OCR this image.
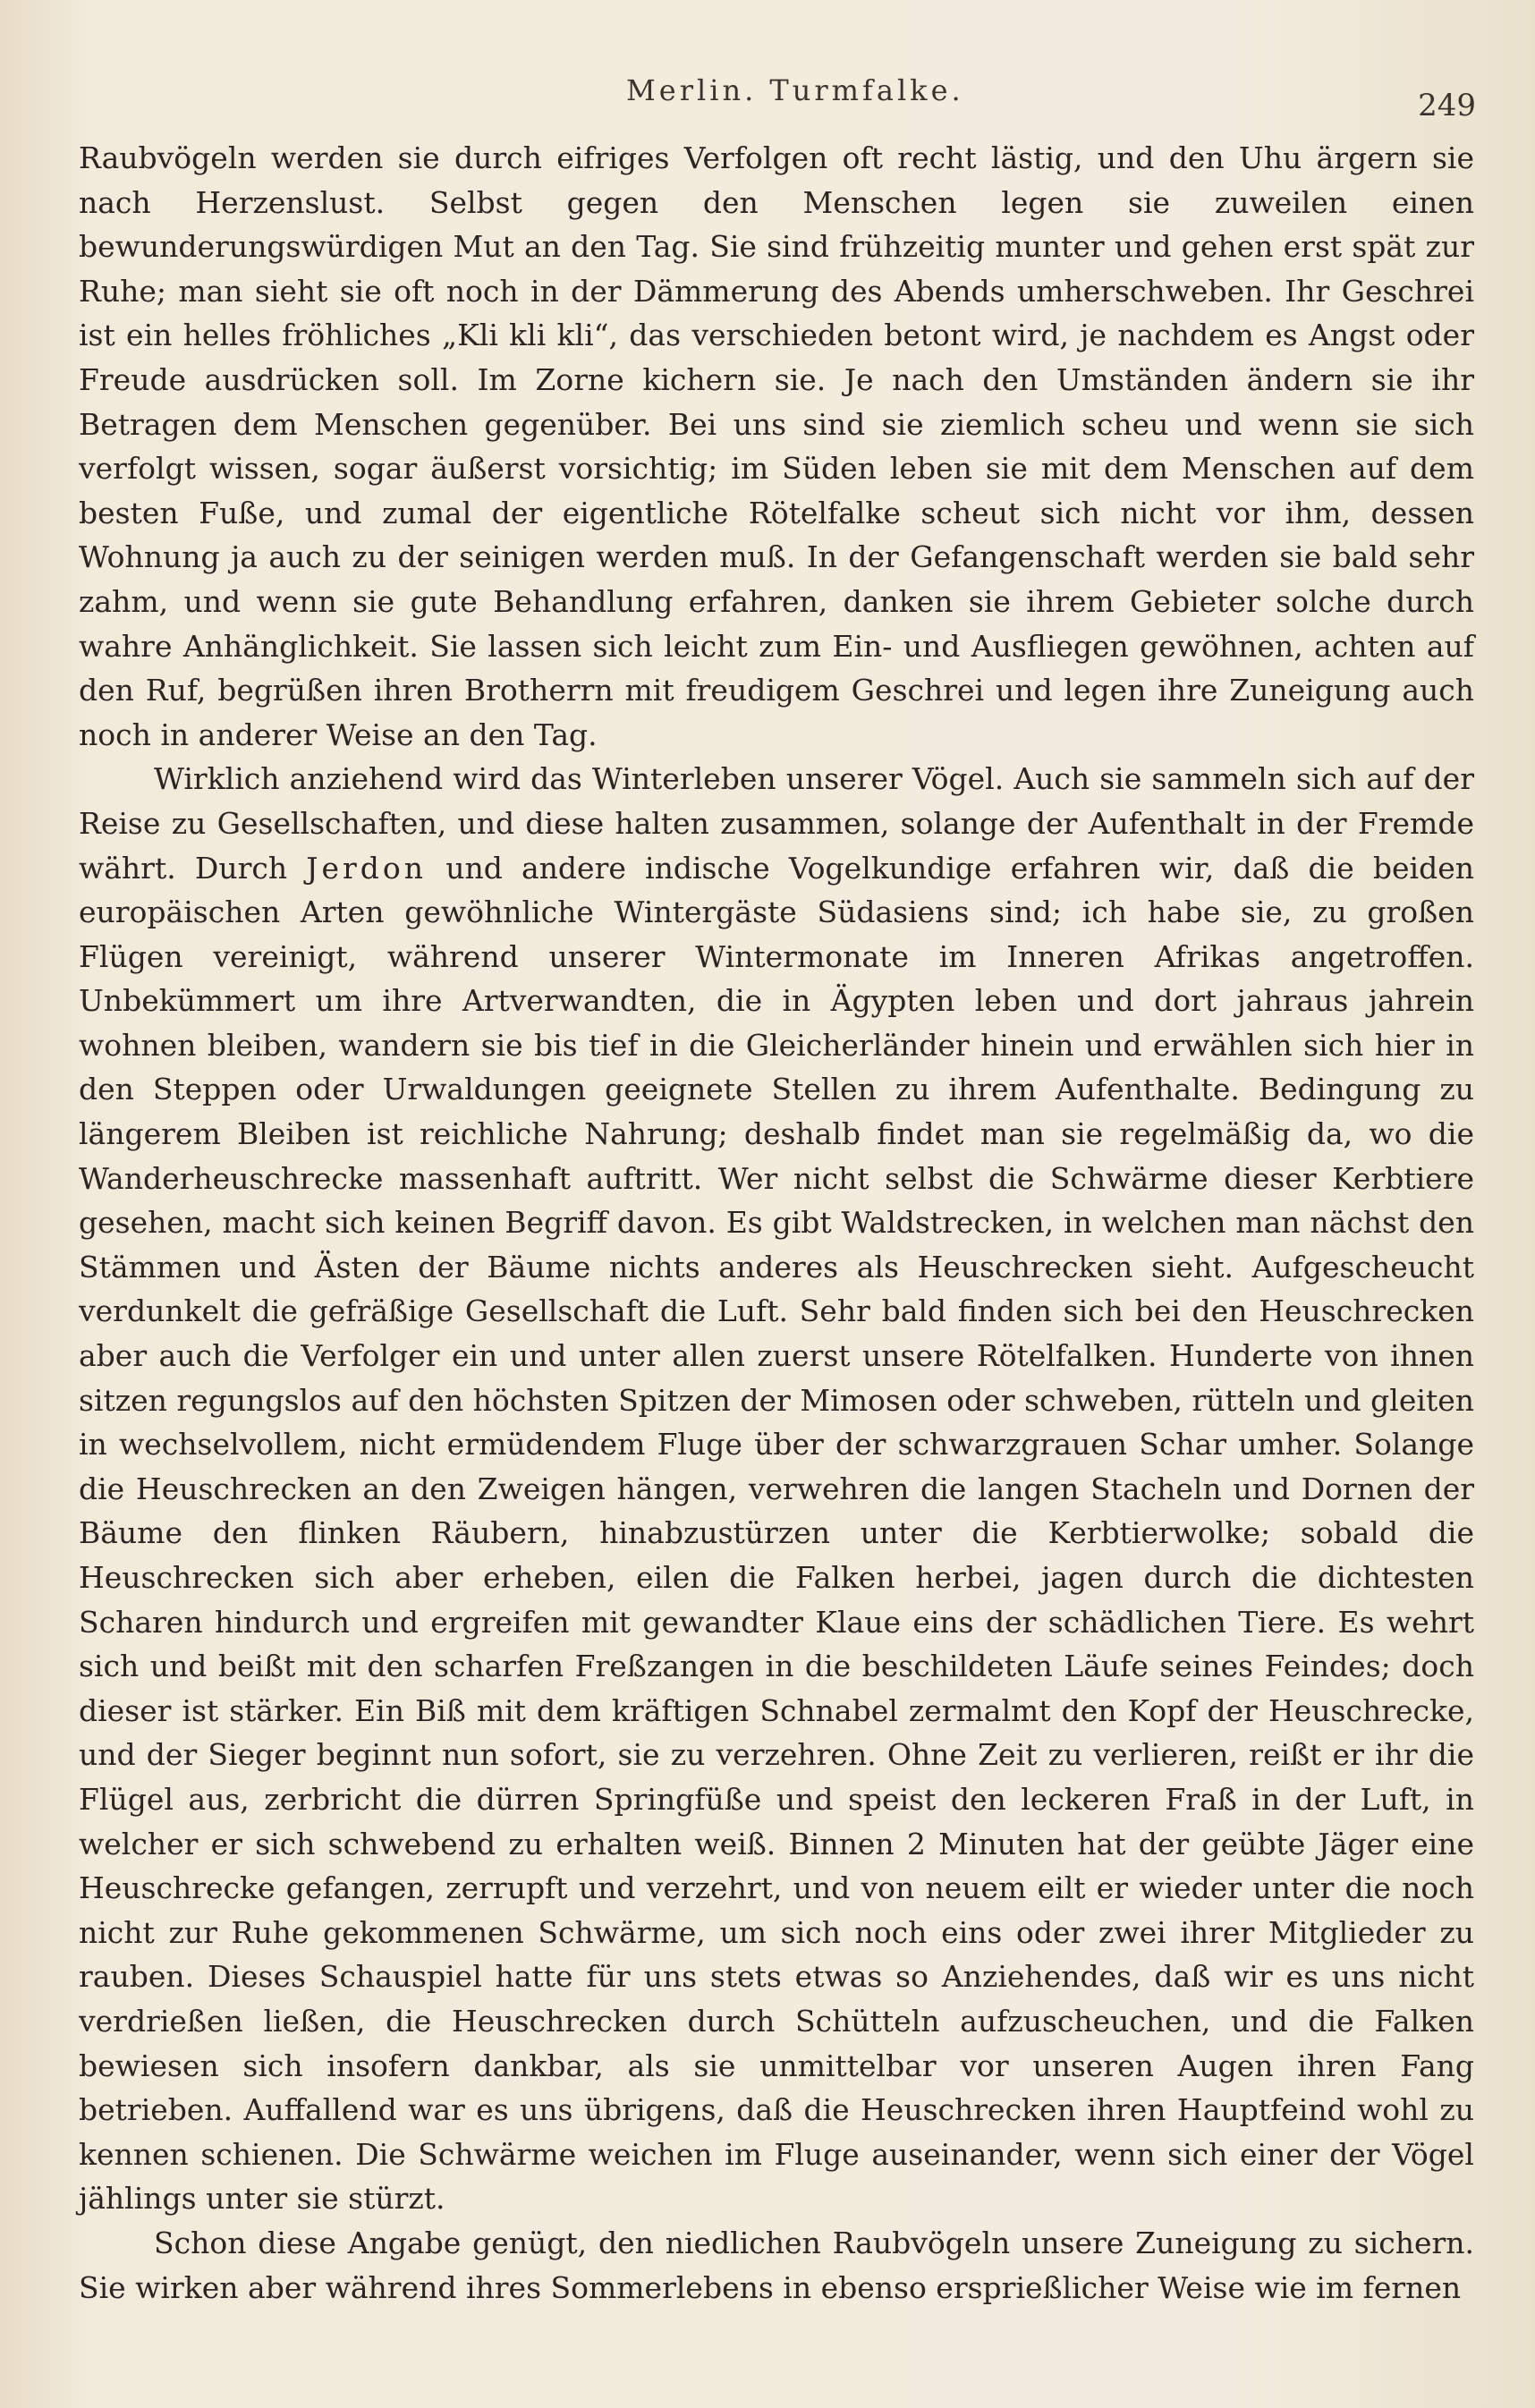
Merlin. Turmfalke.	249

Raubvögeln werden sie durch eifriges Verfolgen oft recht lästig, und den Uhu ärgern sie nach Herzenslust. Selbst gegen den Menschen legen sie zuweilen einen bewunderungswürdigen Mut an den Tag. Sie sind frühzeitig munter und gehen erst spät zur Ruhe; man sieht sie oft noch in der Dämmerung des Abends umherschweben. Ihr Geschrei ist ein helles fröhliches „Kli kli kli“, das verschieden betont wird, je nachdem es Angst oder Freude ausdrücken soll. Im Zorne kichern sie. Je nach den Umständen ändern sie ihr Betragen dem Menschen gegenüber. Bei uns sind sie ziemlich scheu und wenn sie sich verfolgt wissen, sogar äußerst vorsichtig; im Süden leben sie mit dem Menschen auf dem besten Fuße, und zumal der eigentliche Rötelfalke scheut sich nicht vor ihm, dessen Wohnung ja auch zu der seinigen werden muß. In der Gefangenschaft werden sie bald sehr zahm, und wenn sie gute Behandlung erfahren, danken sie ihrem Gebieter solche durch wahre Anhänglichkeit. Sie lassen sich leicht zum Ein- und Ausfliegen gewöhnen, achten auf den Ruf, begrüßen ihren Brotherrn mit freudigem Geschrei und legen ihre Zuneigung auch noch in anderer Weise an den Tag.

Wirklich anziehend wird das Winterleben unserer Vögel. Auch sie sammeln sich auf der Reise zu Gesellschaften, und diese halten zusammen, solange der Aufenthalt in der Fremde währt. Durch Jerdon und andere indische Vogelkundige erfahren wir, daß die beiden europäischen Arten gewöhnliche Wintergäste Südasiens sind; ich habe sie, zu großen Flügen vereinigt, während unserer Wintermonate im Inneren Afrikas angetroffen. Unbekümmert um ihre Artverwandten, die in Ägypten leben und dort jahraus jahrein wohnen bleiben, wandern sie bis tief in die Gleicherländer hinein und erwählen sich hier in den Steppen oder Urwaldungen geeignete Stellen zu ihrem Aufenthalte. Bedingung zu längerem Bleiben ist reichliche Nahrung; deshalb findet man sie regelmäßig da, wo die Wanderheuschrecke massenhaft auftritt. Wer nicht selbst die Schwärme dieser Kerbtiere gesehen, macht sich keinen Begriff davon. Es gibt Waldstrecken, in welchen man nächst den Stämmen und Ästen der Bäume nichts anderes als Heuschrecken sieht. Aufgescheucht verdunkelt die gefräßige Gesellschaft die Luft. Sehr bald finden sich bei den Heuschrecken aber auch die Verfolger ein und unter allen zuerst unsere Rötelfalken. Hunderte von ihnen sitzen regungslos auf den höchsten Spitzen der Mimosen oder schweben, rütteln und gleiten in wechselvollem, nicht ermüdendem Fluge über der schwarzgrauen Schar umher. Solange die Heuschrecken an den Zweigen hängen, verwehren die langen Stacheln und Dornen der Bäume den flinken Räubern, hinabzustürzen unter die Kerbtierwolke; sobald die Heuschrecken sich aber erheben, eilen die Falken herbei, jagen durch die dichtesten Scharen hindurch und ergreifen mit gewandter Klaue eins der schädlichen Tiere. Es wehrt sich und beißt mit den scharfen Freßzangen in die beschildeten Läufe seines Feindes; doch dieser ist stärker. Ein Biß mit dem kräftigen Schnabel zermalmt den Kopf der Heuschrecke, und der Sieger beginnt nun sofort, sie zu verzehren. Ohne Zeit zu verlieren, reißt er ihr die Flügel aus, zerbricht die dürren Springfüße und speist den leckeren Fraß in der Luft, in welcher er sich schwebend zu erhalten weiß. Binnen 2 Minuten hat der geübte Jäger eine Heuschrecke gefangen, zerrupft und verzehrt, und von neuem eilt er wieder unter die noch nicht zur Ruhe gekommenen Schwärme, um sich noch eins oder zwei ihrer Mitglieder zu rauben. Dieses Schauspiel hatte für uns stets etwas so Anziehendes, daß wir es uns nicht verdrießen ließen, die Heuschrecken durch Schütteln aufzuscheuchen, und die Falken bewiesen sich insofern dankbar, als sie unmittelbar vor unseren Augen ihren Fang betrieben. Auffallend war es uns übrigens, daß die Heuschrecken ihren Hauptfeind wohl zu kennen schienen. Die Schwärme weichen im Fluge auseinander, wenn sich einer der Vögel jählings unter sie stürzt.

Schon diese Angabe genügt, den niedlichen Raubvögeln unsere Zuneigung zu sichern. Sie wirken aber während ihres Sommerlebens in ebenso ersprießlicher Weise wie im fernen
